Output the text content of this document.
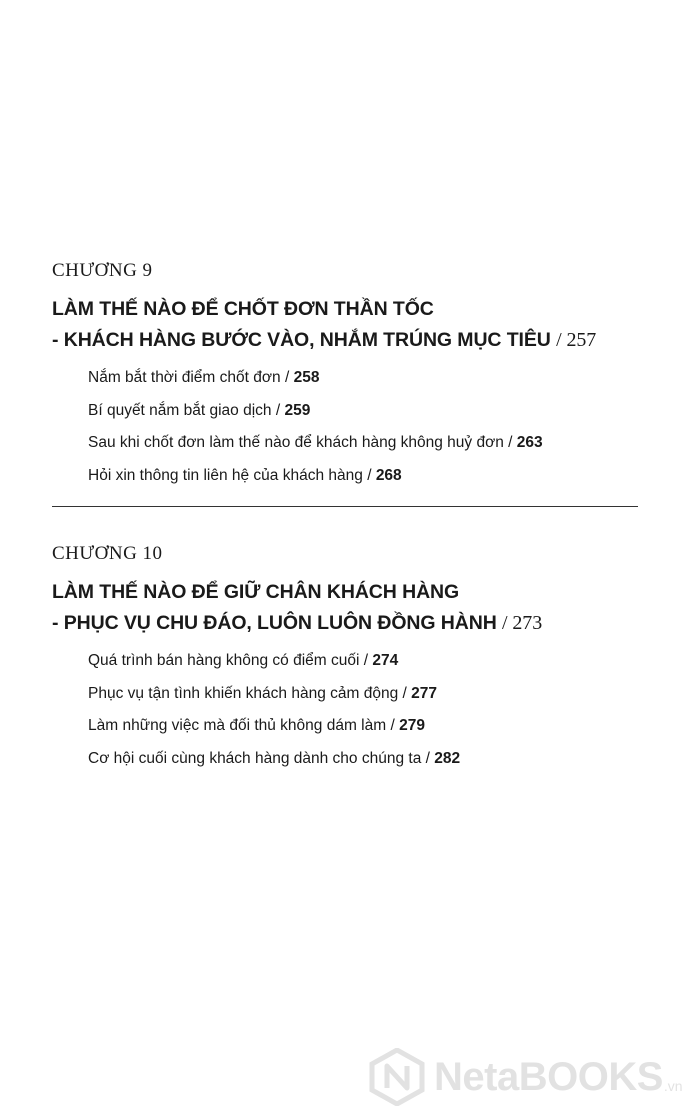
CHƯƠNG 9
LÀM THẾ NÀO ĐỂ CHỐT ĐƠN THẦN TỐC
- KHÁCH HÀNG BƯỚC VÀO, NHẮM TRÚNG MỤC TIÊU / 257
Nắm bắt thời điểm chốt đơn / 258
Bí quyết nắm bắt giao dịch / 259
Sau khi chốt đơn làm thế nào để khách hàng không huỷ đơn / 263
Hỏi xin thông tin liên hệ của khách hàng / 268
CHƯƠNG 10
LÀM THẾ NÀO ĐỂ GIỮ CHÂN KHÁCH HÀNG
- PHỤC VỤ CHU ĐÁO, LUÔN LUÔN ĐỒNG HÀNH / 273
Quá trình bán hàng không có điểm cuối / 274
Phục vụ tận tình khiến khách hàng cảm động / 277
Làm những việc mà đối thủ không dám làm / 279
Cơ hội cuối cùng khách hàng dành cho chúng ta / 282
NetaBOOKS .vn
